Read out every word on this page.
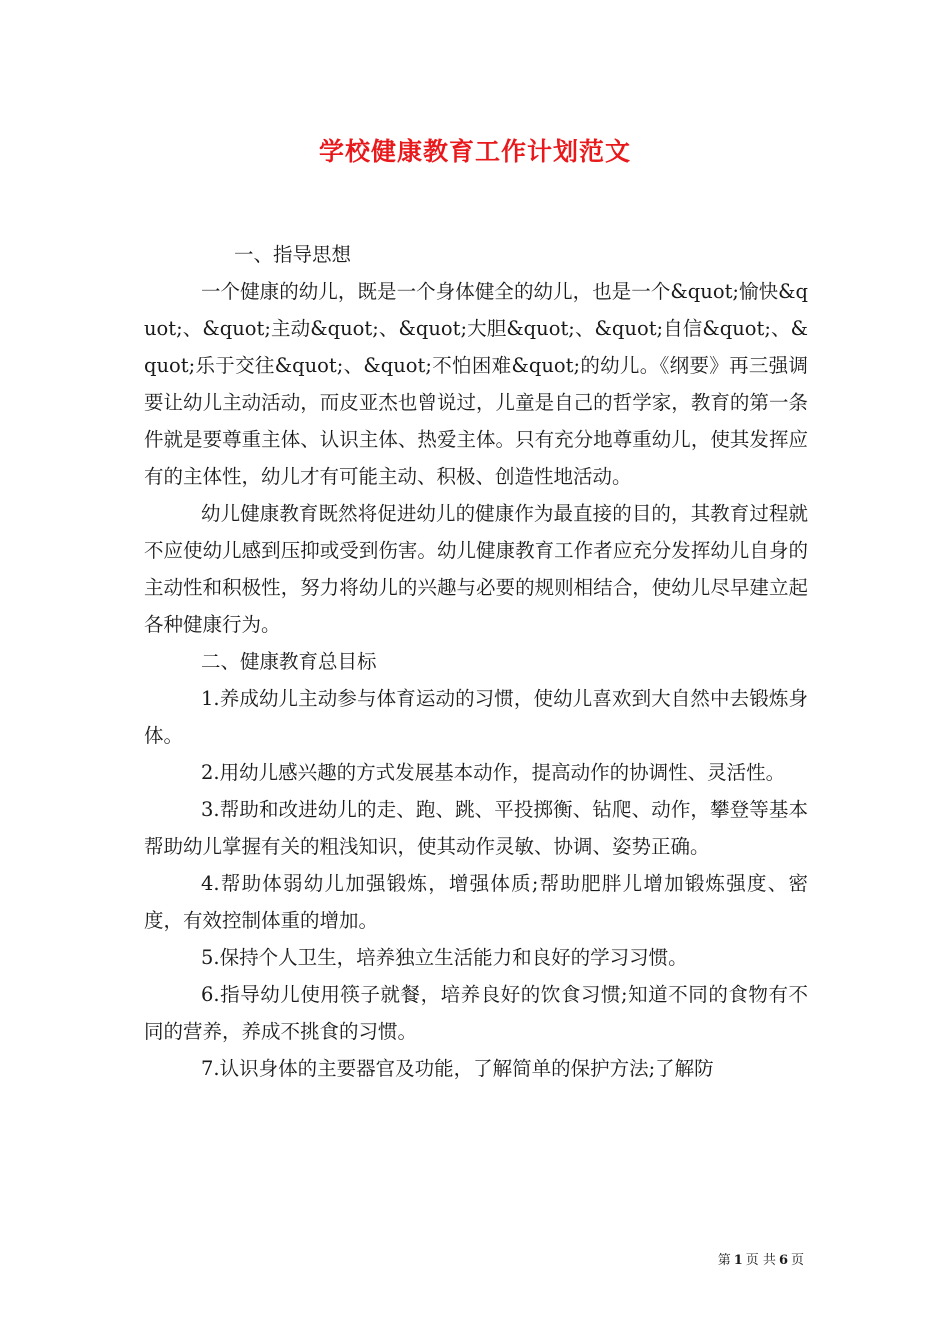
学校健康教育工作计划范文

一、指导思想

一个健康的幼儿，既是一个身体健全的幼儿，也是一个&quot;愉快&quot;、&quot;主动&quot;、&quot;大胆&quot;、&quot;自信&quot;、&quot;乐于交往&quot;、&quot;不怕困难&quot;的幼儿。《纲要》再三强调要让幼儿主动活动，而皮亚杰也曾说过，儿童是自己的哲学家，教育的第一条件就是要尊重主体、认识主体、热爱主体。只有充分地尊重幼儿，使其发挥应有的主体性，幼儿才有可能主动、积极、创造性地活动。

幼儿健康教育既然将促进幼儿的健康作为最直接的目的，其教育过程就不应使幼儿感到压抑或受到伤害。幼儿健康教育工作者应充分发挥幼儿自身的主动性和积极性，努力将幼儿的兴趣与必要的规则相结合，使幼儿尽早建立起各种健康行为。

二、健康教育总目标

1.养成幼儿主动参与体育运动的习惯，使幼儿喜欢到大自然中去锻炼身体。

2.用幼儿感兴趣的方式发展基本动作，提高动作的协调性、灵活性。

3.帮助和改进幼儿的走、跑、跳、平投掷衡、钻爬、动作，攀登等基本帮助幼儿掌握有关的粗浅知识，使其动作灵敏、协调、姿势正确。

4.帮助体弱幼儿加强锻炼，增强体质;帮助肥胖儿增加锻炼强度、密度，有效控制体重的增加。

5.保持个人卫生，培养独立生活能力和良好的学习习惯。

6.指导幼儿使用筷子就餐，培养良好的饮食习惯;知道不同的食物有不同的营养，养成不挑食的习惯。

7.认识身体的主要器官及功能，了解简单的保护方法;了解防

第 1 页 共 6 页
